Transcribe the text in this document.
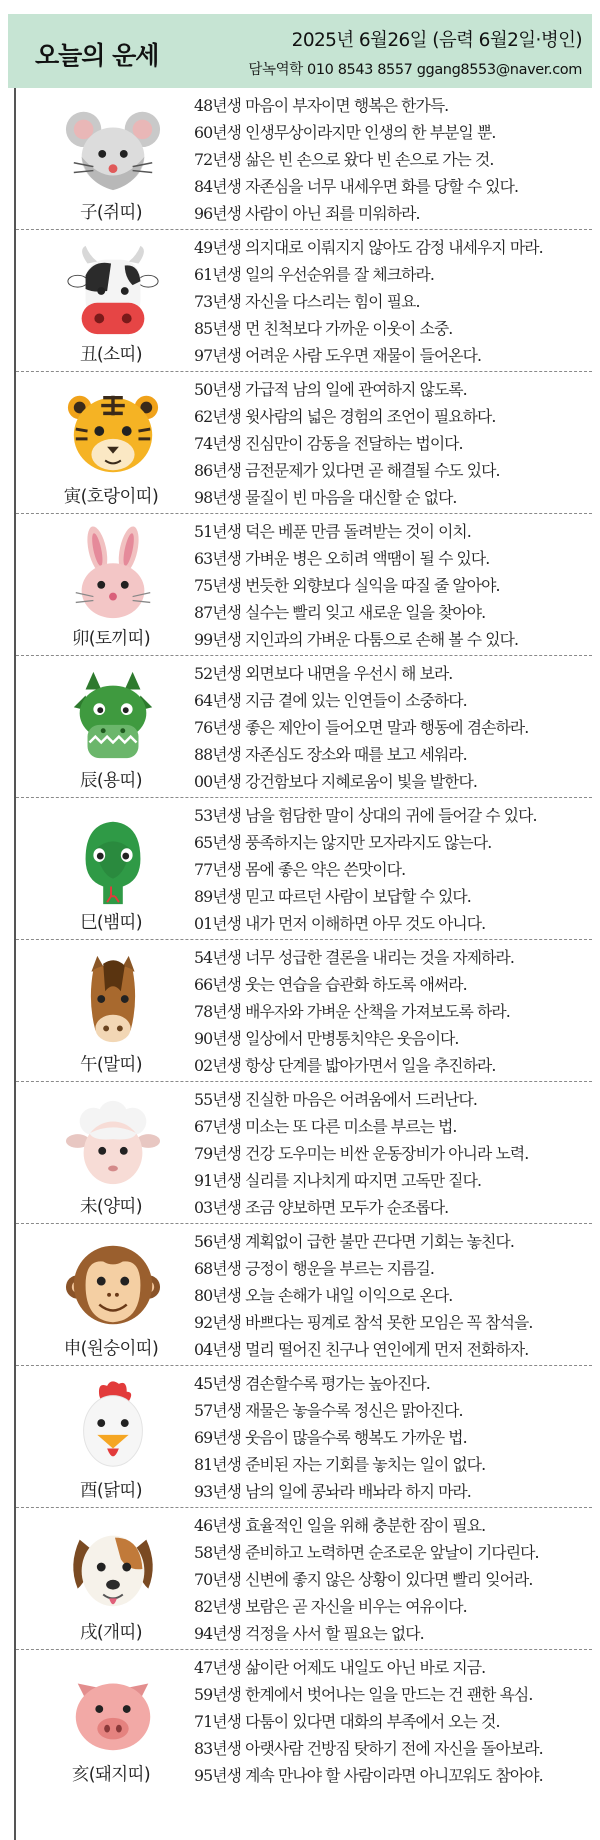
오늘의 운세
2025년 6월26일 (음력 6월2일·병인)
담녹역학 010 8543 8557 ggang8553@naver.com
子(쥐띠)
48년생 마음이 부자이면 행복은 한가득.
60년생 인생무상이라지만 인생의 한 부분일 뿐.
72년생 삶은 빈 손으로 왔다 빈 손으로 가는 것.
84년생 자존심을 너무 내세우면 화를 당할 수 있다.
96년생 사람이 아닌 죄를 미워하라.
丑(소띠)
49년생 의지대로 이뤄지지 않아도 감정 내세우지 마라.
61년생 일의 우선순위를 잘 체크하라.
73년생 자신을 다스리는 힘이 필요.
85년생 먼 친척보다 가까운 이웃이 소중.
97년생 어려운 사람 도우면 재물이 들어온다.
寅(호랑이띠)
50년생 가급적 남의 일에 관여하지 않도록.
62년생 윗사람의 넓은 경험의 조언이 필요하다.
74년생 진심만이 감동을 전달하는 법이다.
86년생 금전문제가 있다면 곧 해결될 수도 있다.
98년생 물질이 빈 마음을 대신할 순 없다.
卯(토끼띠)
51년생 덕은 베푼 만큼 돌려받는 것이 이치.
63년생 가벼운 병은 오히려 액땜이 될 수 있다.
75년생 번듯한 외향보다 실익을 따질 줄 알아야.
87년생 실수는 빨리 잊고 새로운 일을 찾아야.
99년생 지인과의 가벼운 다툼으로 손해 볼 수 있다.
辰(용띠)
52년생 외면보다 내면을 우선시 해 보라.
64년생 지금 곁에 있는 인연들이 소중하다.
76년생 좋은 제안이 들어오면 말과 행동에 겸손하라.
88년생 자존심도 장소와 때를 보고 세워라.
00년생 강건함보다 지혜로움이 빛을 발한다.
巳(뱀띠)
53년생 남을 험담한 말이 상대의 귀에 들어갈 수 있다.
65년생 풍족하지는 않지만 모자라지도 않는다.
77년생 몸에 좋은 약은 쓴맛이다.
89년생 믿고 따르던 사람이 보답할 수 있다.
01년생 내가 먼저 이해하면 아무 것도 아니다.
午(말띠)
54년생 너무 성급한 결론을 내리는 것을 자제하라.
66년생 웃는 연습을 습관화 하도록 애써라.
78년생 배우자와 가벼운 산책을 가져보도록 하라.
90년생 일상에서 만병통치약은 웃음이다.
02년생 항상 단계를 밟아가면서 일을 추진하라.
未(양띠)
55년생 진실한 마음은 어려움에서 드러난다.
67년생 미소는 또 다른 미소를 부르는 법.
79년생 건강 도우미는 비싼 운동장비가 아니라 노력.
91년생 실리를 지나치게 따지면 고독만 짙다.
03년생 조금 양보하면 모두가 순조롭다.
申(원숭이띠)
56년생 계획없이 급한 불만 끈다면 기회는 놓친다.
68년생 긍정이 행운을 부르는 지름길.
80년생 오늘 손해가 내일 이익으로 온다.
92년생 바쁘다는 핑계로 참석 못한 모임은 꼭 참석을.
04년생 멀리 떨어진 친구나 연인에게 먼저 전화하자.
酉(닭띠)
45년생 겸손할수록 평가는 높아진다.
57년생 재물은 놓을수록 정신은 맑아진다.
69년생 웃음이 많을수록 행복도 가까운 법.
81년생 준비된 자는 기회를 놓치는 일이 없다.
93년생 남의 일에 콩놔라 배놔라 하지 마라.
戌(개띠)
46년생 효율적인 일을 위해 충분한 잠이 필요.
58년생 준비하고 노력하면 순조로운 앞날이 기다린다.
70년생 신변에 좋지 않은 상황이 있다면 빨리 잊어라.
82년생 보람은 곧 자신을 비우는 여유이다.
94년생 걱정을 사서 할 필요는 없다.
亥(돼지띠)
47년생 삶이란 어제도 내일도 아닌 바로 지금.
59년생 한계에서 벗어나는 일을 만드는 건 괜한 욕심.
71년생 다툼이 있다면 대화의 부족에서 오는 것.
83년생 아랫사람 건방짐 탓하기 전에 자신을 돌아보라.
95년생 계속 만나야 할 사람이라면 아니꼬워도 참아야.
